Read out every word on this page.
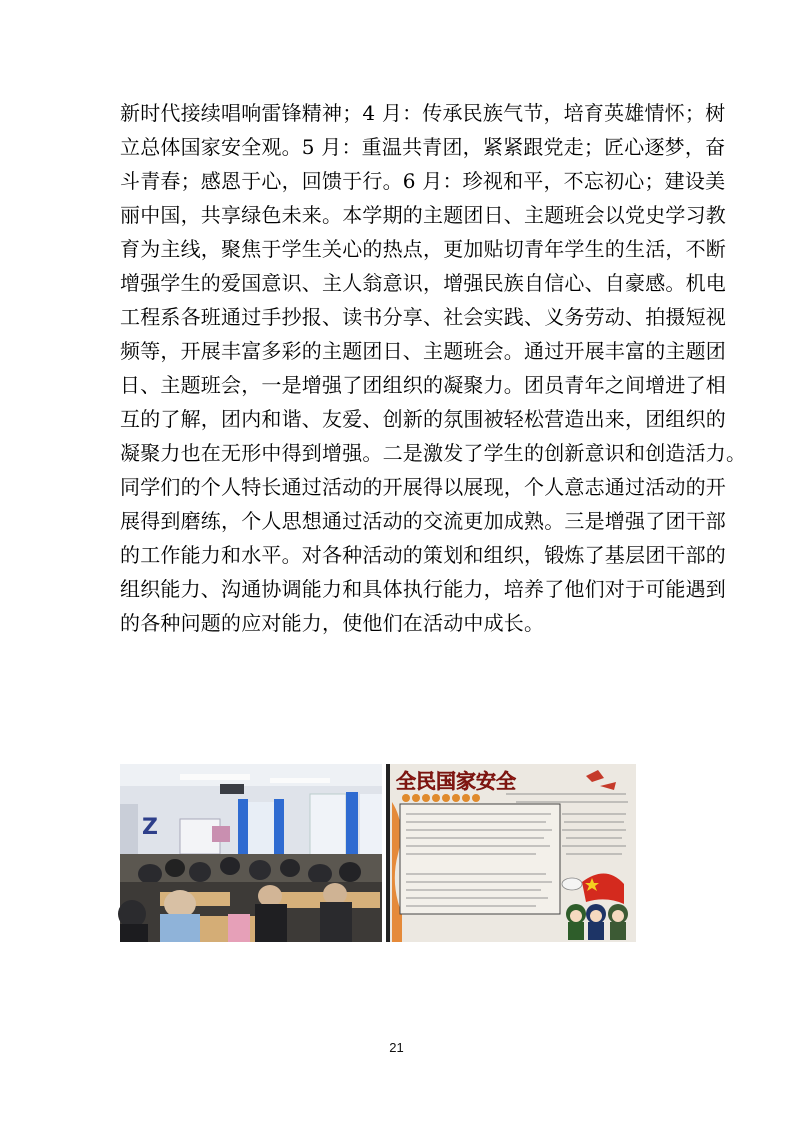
新时代接续唱响雷锋精神；4 月：传承民族气节，培育英雄情怀；树
立总体国家安全观。5 月：重温共青团，紧紧跟党走；匠心逐梦，奋
斗青春；感恩于心，回馈于行。6 月：珍视和平，不忘初心；建设美
丽中国，共享绿色未来。本学期的主题团日、主题班会以党史学习教
育为主线，聚焦于学生关心的热点，更加贴切青年学生的生活，不断
增强学生的爱国意识、主人翁意识，增强民族自信心、自豪感。机电
工程系各班通过手抄报、读书分享、社会实践、义务劳动、拍摄短视
频等，开展丰富多彩的主题团日、主题班会。通过开展丰富的主题团
日、主题班会，一是增强了团组织的凝聚力。团员青年之间增进了相
互的了解，团内和谐、友爱、创新的氛围被轻松营造出来，团组织的
凝聚力也在无形中得到增强。二是激发了学生的创新意识和创造活力。
同学们的个人特长通过活动的开展得以展现，个人意志通过活动的开
展得到磨练，个人思想通过活动的交流更加成熟。三是增强了团干部
的工作能力和水平。对各种活动的策划和组织，锻炼了基层团干部的
组织能力、沟通协调能力和具体执行能力，培养了他们对于可能遇到
的各种问题的应对能力，使他们在活动中成长。
Z
全民国家安全
21
